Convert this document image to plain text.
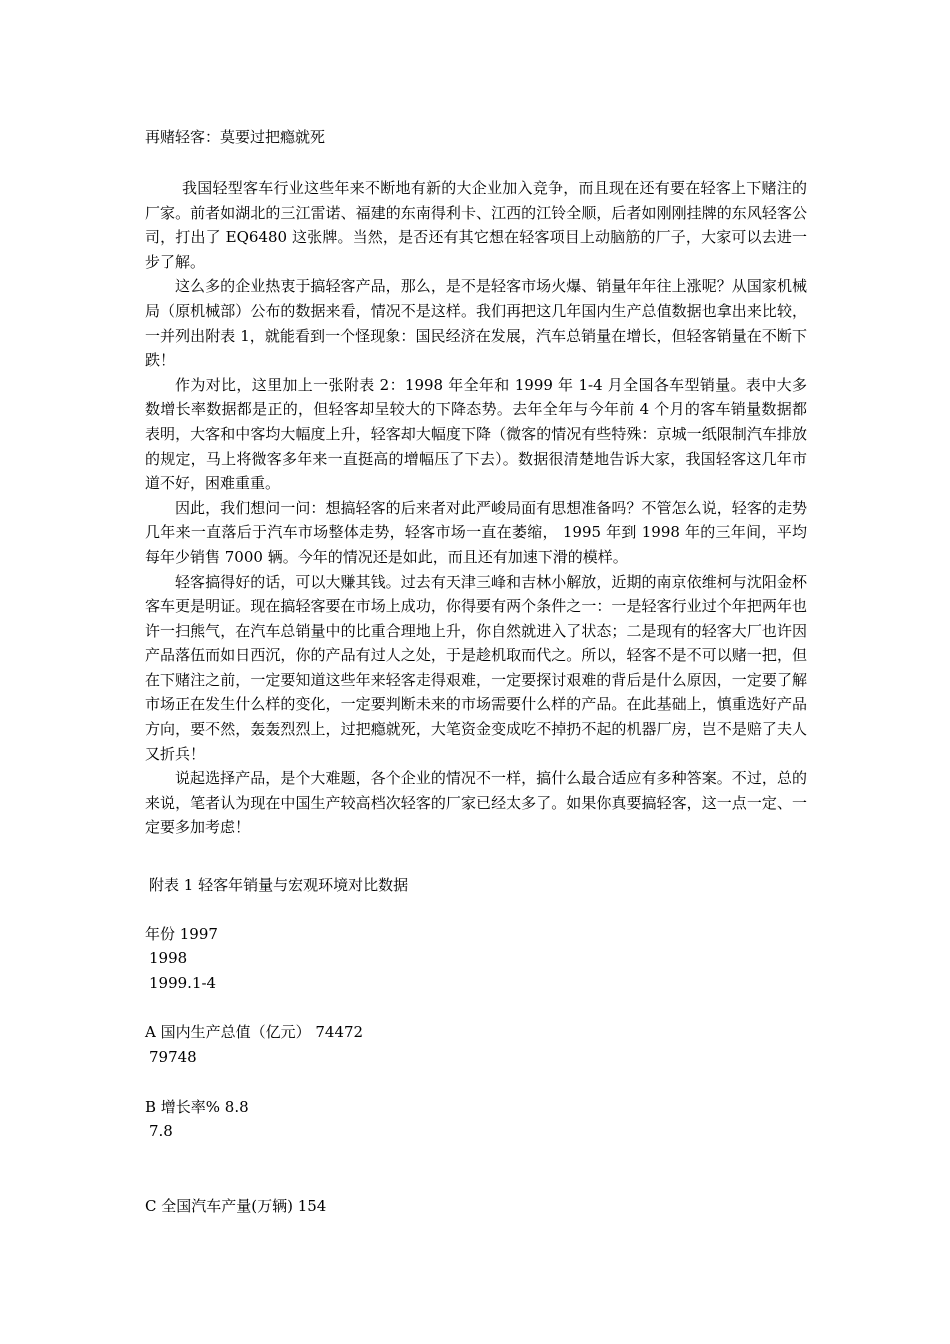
再赌轻客：莫要过把瘾就死

我国轻型客车行业这些年来不断地有新的大企业加入竞争，而且现在还有要在轻客上下赌注的厂家。前者如湖北的三江雷诺、福建的东南得利卡、江西的江铃全顺，后者如刚刚挂牌的东风轻客公司，打出了 EQ6480 这张牌。当然，是否还有其它想在轻客项目上动脑筋的厂子，大家可以去进一步了解。

这么多的企业热衷于搞轻客产品，那么，是不是轻客市场火爆、销量年年往上涨呢？从国家机械局（原机械部）公布的数据来看，情况不是这样。我们再把这几年国内生产总值数据也拿出来比较，一并列出附表 1，就能看到一个怪现象：国民经济在发展，汽车总销量在增长，但轻客销量在不断下跌！

作为对比，这里加上一张附表 2：1998 年全年和 1999 年 1-4 月全国各车型销量。表中大多数增长率数据都是正的，但轻客却呈较大的下降态势。去年全年与今年前 4 个月的客车销量数据都表明，大客和中客均大幅度上升，轻客却大幅度下降（微客的情况有些特殊：京城一纸限制汽车排放的规定，马上将微客多年来一直挺高的增幅压了下去）。数据很清楚地告诉大家，我国轻客这几年市道不好，困难重重。

因此，我们想问一问：想搞轻客的后来者对此严峻局面有思想准备吗？不管怎么说，轻客的走势几年来一直落后于汽车市场整体走势，轻客市场一直在萎缩， 1995 年到 1998 年的三年间，平均每年少销售 7000 辆。今年的情况还是如此，而且还有加速下滑的模样。

轻客搞得好的话，可以大赚其钱。过去有天津三峰和吉林小解放，近期的南京依维柯与沈阳金杯客车更是明证。现在搞轻客要在市场上成功，你得要有两个条件之一：一是轻客行业过个年把两年也许一扫熊气，在汽车总销量中的比重合理地上升，你自然就进入了状态；二是现有的轻客大厂也许因产品落伍而如日西沉，你的产品有过人之处，于是趁机取而代之。所以，轻客不是不可以赌一把，但在下赌注之前，一定要知道这些年来轻客走得艰难，一定要探讨艰难的背后是什么原因，一定要了解市场正在发生什么样的变化，一定要判断未来的市场需要什么样的产品。在此基础上，慎重选好产品方向，要不然，轰轰烈烈上，过把瘾就死，大笔资金变成吃不掉扔不起的机器厂房，岂不是赔了夫人又折兵！

说起选择产品，是个大难题，各个企业的情况不一样，搞什么最合适应有多种答案。不过，总的来说，笔者认为现在中国生产较高档次轻客的厂家已经太多了。如果你真要搞轻客，这一点一定、一定要多加考虑！

附表 1 轻客年销量与宏观环境对比数据
年份 1997
1998
1999.1-4
A 国内生产总值（亿元） 74472
79748
B 增长率% 8.8
7.8
C 全国汽车产量(万辆) 154
